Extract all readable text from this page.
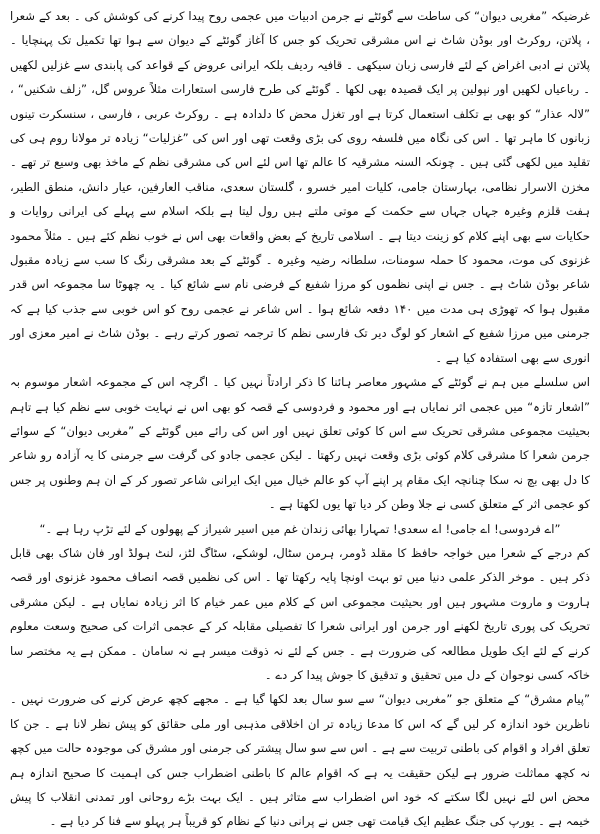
غرضیکہ ”مغربی دیوان“ کی ساطت سے گوئٹے نے جرمن ادبیات میں عجمی روح پیدا کرنے کی کوشش کی ۔ بعد کے شعرا ، پلاتن، روکرٹ اور بوڈن شاٹ نے اس مشرقی تحریک کو جس کا آغاز گوئٹے کے دیوان سے ہوا تھا تکمیل تک پہنچایا ۔ پلاتن نے ادبی اغراض کے لئے فارسی زبان سیکھی ۔ قافیہ ردیف بلکہ ایرانی عروض کے قواعد کی پابندی سے غزلیں لکھیں ۔ رباعیاں لکھیں اور نپولین پر ایک قصیدہ بھی لکھا ۔ گوئٹے کی طرح فارسی استعارات مثلاً عروس گل، ”زلف شکنیں“ ، ”لالہ عذار“ کو بھی بے تکلف استعمال کرتا ہے اور تغزل محض کا دلدادہ ہے ۔ روکرٹ عربی ، فارسی ، سنسکرت تینوں زبانوں کا ماہر تھا ۔ اس کی نگاہ میں فلسفہ روی کی بڑی وقعت تھی اور اس کی ”غزلیات“ زیادہ تر مولانا روم ہی کی تقلید میں لکھی گئی ہیں ۔ چونکہ السنہ مشرقیہ کا عالم تھا اس لئے اس کی مشرقی نظم کے ماخذ بھی وسیع تر تھے ۔ مخزن الاسرار نظامی، بہارستان جامی، کلیات امیر خسرو ، گلستان سعدی، مناقب العارفین، عیار دانش، منطق الطیر، ہفت قلزم وغیرہ جہاں جہاں سے حکمت کے موتی ملتے ہیں رول لیتا ہے بلکہ اسلام سے پہلے کی ایرانی روایات و حکایات سے بھی اپنے کلام کو زینت دیتا ہے ۔ اسلامی تاریخ کے بعض واقعات بھی اس نے خوب نظم کئے ہیں ۔ مثلاً محمود غزنوی کی موت، محمود کا حملہ سومنات، سلطانہ رضیہ وغیرہ ۔ گوئٹے کے بعد مشرقی رنگ کا سب سے زیادہ مقبول شاعر بوڈن شاٹ ہے ۔ جس نے اپنی نظموں کو مرزا شفیع کے فرضی نام سے شائع کیا ۔ یہ چھوٹا سا مجموعہ اس قدر مقبول ہوا کہ تھوڑی ہی مدت میں ۱۴۰ دفعہ شائع ہوا ۔ اس شاعر نے عجمی روح کو اس خوبی سے جذب کیا ہے کہ جرمنی میں مرزا شفیع کے اشعار کو لوگ دیر تک فارسی نظم کا ترجمہ تصور کرتے رہے ۔ بوڈن شاٹ نے امیر معزی اور انوری سے بھی استفادہ کیا ہے ۔

اس سلسلے میں ہم نے گوئٹے کے مشہور معاصر ہائنا کا ذکر ارادتاً نہیں کیا ۔ اگرچہ اس کے مجموعہ اشعار موسوم بہ ”اشعار تازہ“ میں عجمی اثر نمایاں ہے اور محمود و فردوسی کے قصہ کو بھی اس نے نہایت خوبی سے نظم کیا ہے تاہم بحیثیت مجموعی مشرقی تحریک سے اس کا کوئی تعلق نہیں اور اس کی رائے میں گوئٹے کے ”مغربی دیوان“ کے سوائے جرمن شعرا کا مشرقی کلام کوئی بڑی وقعت نہیں رکھتا ۔ لیکن عجمی جادو کی گرفت سے جرمنی کا یہ آزادہ رو شاعر کا دل بھی بچ نہ سکا چنانچہ ایک مقام پر اپنے آپ کو عالم خیال میں ایک ایرانی شاعر تصور کر کے ان ہم وطنوں پر جس کو عجمی اثر کے متعلق کسی نے جلا وطن کر دیا تھا یوں لکھتا ہے ۔

”اے فردوسی! اے جامی! اے سعدی! تمہارا بھائی زندان غم میں اسیر شیراز کے پھولوں کے لئے تڑپ رہا ہے ۔“

کم درجے کے شعرا میں خواجہ حافظ کا مقلد ڈومر، ہرمن سٹال، لوشکے، سٹاگ لٹز، لنٹ ہولڈ اور فان شاک بھی قابل ذکر ہیں ۔ موخر الذکر علمی دنیا میں تو بہت اونچا پایہ رکھتا تھا ۔ اس کی نظمیں قصہ انصاف محمود غزنوی اور قصہ ہاروت و ماروت مشہور ہیں اور بحیثیت مجموعی اس کے کلام میں عمر خیام کا اثر زیادہ نمایاں ہے ۔ لیکن مشرقی تحریک کی پوری تاریخ لکھنے اور جرمن اور ایرانی شعرا کا تفصیلی مقابلہ کر کے عجمی اثرات کی صحیح وسعت معلوم کرنے کے لئے ایک طویل مطالعہ کی ضرورت ہے ۔ جس کے لئے نہ ذوقت میسر ہے نہ سامان ۔ ممکن ہے یہ مختصر سا خاکہ کسی نوجوان کے دل میں تحقیق و تدقیق کا جوش پیدا کر دے ۔

”پیام مشرق“ کے متعلق جو ”مغربی دیوان“ سے سو سال بعد لکھا گیا ہے ۔ مجھے کچھ عرض کرنے کی ضرورت نہیں ۔ ناظرین خود اندازہ کر لیں گے کہ اس کا مدعا زیادہ تر ان اخلاقی مذہبی اور ملی حقائق کو پیش نظر لانا ہے ۔ جن کا تعلق افراد و اقوام کی باطنی تربیت سے ہے ۔ اس سے سو سال پیشتر کی جرمنی اور مشرق کی موجودہ حالت میں کچھ نہ کچھ مماثلت ضرور ہے لیکن حقیقت یہ ہے کہ اقوام عالم کا باطنی اضطراب جس کی اہمیت کا صحیح اندازہ ہم محض اس لئے نہیں لگا سکتے کہ خود اس اضطراب سے متاثر ہیں ۔ ایک بہت بڑے روحانی اور تمدنی انقلاب کا پیش خیمہ ہے ۔ یورپ کی جنگ عظیم ایک قیامت تھی جس نے پرانی دنیا کے نظام کو قریباً ہر پہلو سے فنا کر دیا ہے ۔
